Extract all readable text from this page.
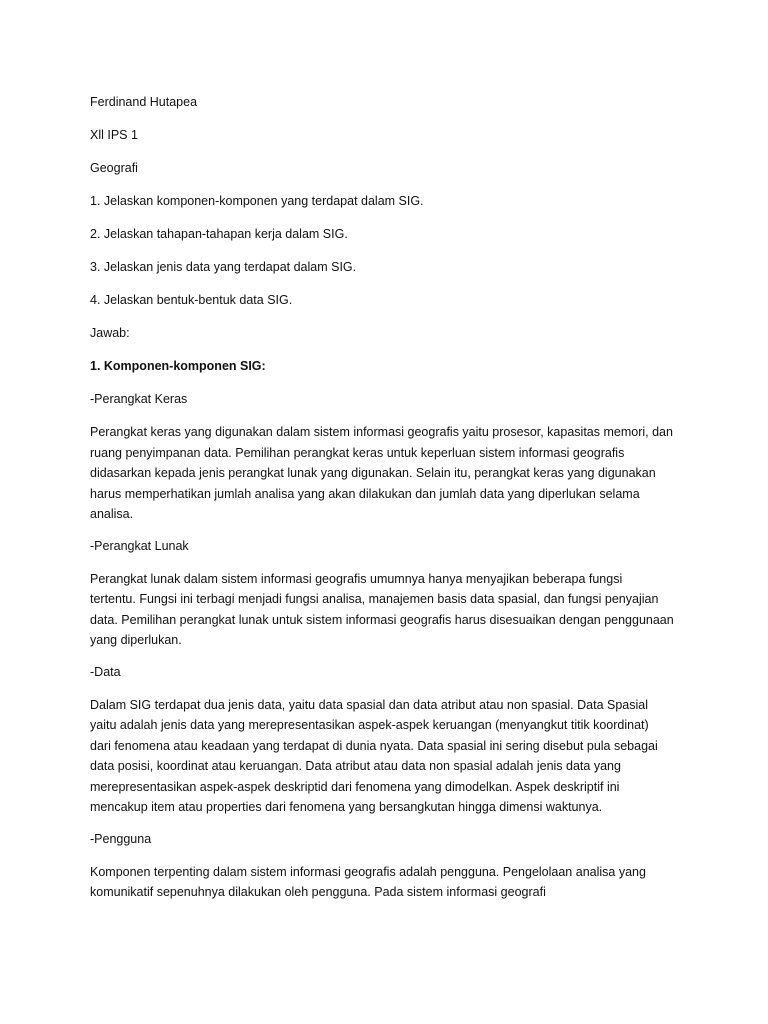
Ferdinand Hutapea

Xll IPS 1

Geografi

1. Jelaskan komponen-komponen yang terdapat dalam SIG.

2. Jelaskan tahapan-tahapan kerja dalam SIG.

3. Jelaskan jenis data yang terdapat dalam SIG.

4. Jelaskan bentuk-bentuk data SIG.

Jawab:

1. Komponen-komponen SIG:

-Perangkat Keras

Perangkat keras yang digunakan dalam sistem informasi geografis yaitu prosesor, kapasitas memori, dan
ruang penyimpanan data. Pemilihan perangkat keras untuk keperluan sistem informasi geografis
didasarkan kepada jenis perangkat lunak yang digunakan. Selain itu, perangkat keras yang digunakan
harus memperhatikan jumlah analisa yang akan dilakukan dan jumlah data yang diperlukan selama
analisa.

-Perangkat Lunak

Perangkat lunak dalam sistem informasi geografis umumnya hanya menyajikan beberapa fungsi
tertentu. Fungsi ini terbagi menjadi fungsi analisa, manajemen basis data spasial, dan fungsi penyajian
data. Pemilihan perangkat lunak untuk sistem informasi geografis harus disesuaikan dengan penggunaan
yang diperlukan.

-Data

Dalam SIG terdapat dua jenis data, yaitu data spasial dan data atribut atau non spasial. Data Spasial
yaitu adalah jenis data yang merepresentasikan aspek-aspek keruangan (menyangkut titik koordinat)
dari fenomena atau keadaan yang terdapat di dunia nyata. Data spasial ini sering disebut pula sebagai
data posisi, koordinat atau keruangan. Data atribut atau data non spasial adalah jenis data yang
merepresentasikan aspek-aspek deskriptid dari fenomena yang dimodelkan. Aspek deskriptif ini
mencakup item atau properties dari fenomena yang bersangkutan hingga dimensi waktunya.

-Pengguna

Komponen terpenting dalam sistem informasi geografis adalah pengguna. Pengelolaan analisa yang
komunikatif sepenuhnya dilakukan oleh pengguna. Pada sistem informasi geografi
